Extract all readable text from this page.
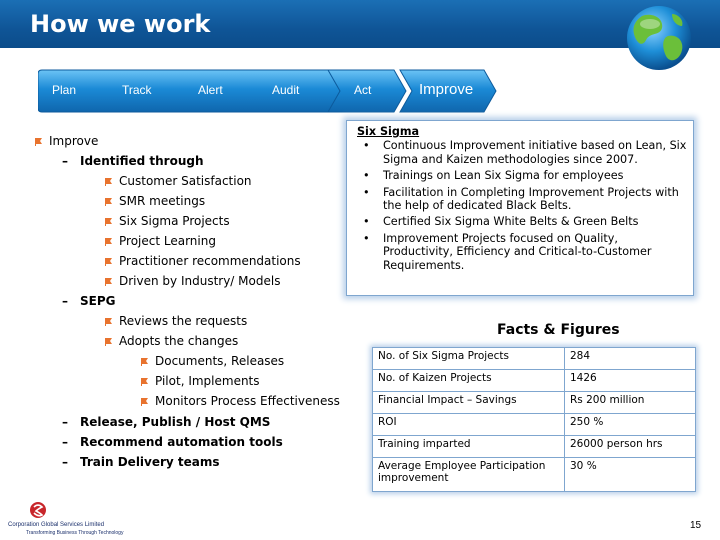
How we work
Plan	Track	Alert	Audit	Act	Improve
Improve
– Identified through
Customer Satisfaction
SMR meetings
Six Sigma Projects
Project Learning
Practitioner recommendations
Driven by Industry/ Models
– SEPG
Reviews the requests
Adopts the changes
Documents, Releases
Pilot, Implements
Monitors Process Effectiveness
– Release, Publish / Host QMS
– Recommend automation tools
– Train Delivery teams
Six Sigma
• Continuous Improvement initiative based on Lean, Six Sigma and Kaizen methodologies since 2007.
• Trainings on Lean Six Sigma for employees
• Facilitation in Completing Improvement Projects with the help of dedicated Black Belts.
• Certified Six Sigma White Belts & Green Belts
• Improvement Projects focused on Quality, Productivity, Efficiency and Critical-to-Customer Requirements.
Facts & Figures
No. of Six Sigma Projects	284
No. of Kaizen Projects	1426
Financial Impact – Savings	Rs 200 million
ROI	250 %
Training imparted	26000 person hrs
Average Employee Participation improvement	30 %
Corporation Global Services Limited
Transforming Business Through Technology
15
